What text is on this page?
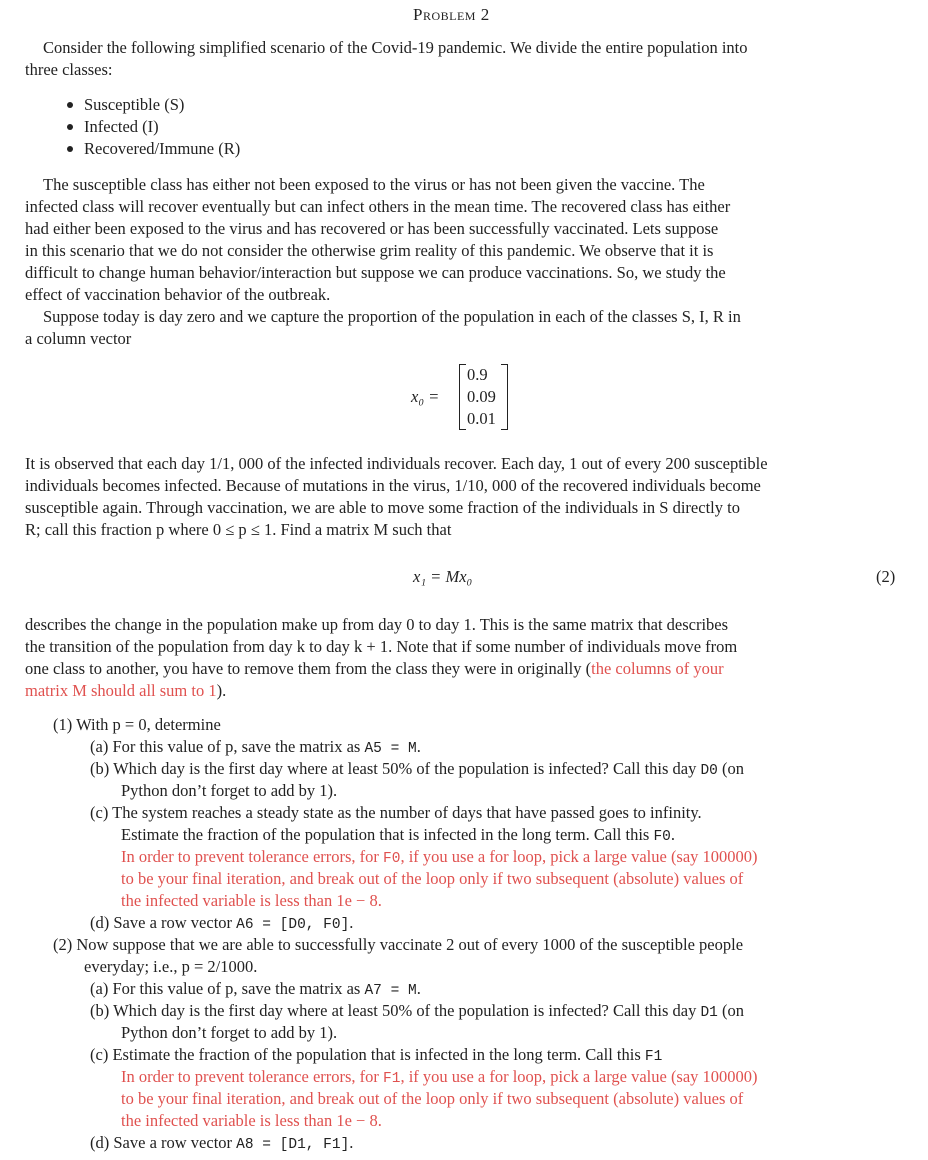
Problem 2
Consider the following simplified scenario of the Covid-19 pandemic. We divide the entire population into
three classes:
Susceptible (S)
Infected (I)
Recovered/Immune (R)
The susceptible class has either not been exposed to the virus or has not been given the vaccine. The
infected class will recover eventually but can infect others in the mean time. The recovered class has either
had either been exposed to the virus and has recovered or has been successfully vaccinated. Lets suppose
in this scenario that we do not consider the otherwise grim reality of this pandemic. We observe that it is
difficult to change human behavior/interaction but suppose we can produce vaccinations. So, we study the
effect of vaccination behavior of the outbreak.
Suppose today is day zero and we capture the proportion of the population in each of the classes S, I, R in
a column vector
x₀ =
0.9
0.09
0.01
It is observed that each day 1/1, 000 of the infected individuals recover. Each day, 1 out of every 200 susceptible
individuals becomes infected. Because of mutations in the virus, 1/10, 000 of the recovered individuals become
susceptible again. Through vaccination, we are able to move some fraction of the individuals in S directly to
R; call this fraction p where 0 ≤ p ≤ 1. Find a matrix M such that
x₁ = Mx₀	(2)
describes the change in the population make up from day 0 to day 1. This is the same matrix that describes
the transition of the population from day k to day k + 1. Note that if some number of individuals move from
one class to another, you have to remove them from the class they were in originally (the columns of your
matrix M should all sum to 1).
(1) With p = 0, determine
(a) For this value of p, save the matrix as A5 = M.
(b) Which day is the first day where at least 50% of the population is infected? Call this day D0 (on
Python don’t forget to add by 1).
(c) The system reaches a steady state as the number of days that have passed goes to infinity.
Estimate the fraction of the population that is infected in the long term. Call this F0.
In order to prevent tolerance errors, for F0, if you use a for loop, pick a large value (say 100000)
to be your final iteration, and break out of the loop only if two subsequent (absolute) values of
the infected variable is less than 1e − 8.
(d) Save a row vector A6 = [D0, F0].
(2) Now suppose that we are able to successfully vaccinate 2 out of every 1000 of the susceptible people
everyday; i.e., p = 2/1000.
(a) For this value of p, save the matrix as A7 = M.
(b) Which day is the first day where at least 50% of the population is infected? Call this day D1 (on
Python don’t forget to add by 1).
(c) Estimate the fraction of the population that is infected in the long term. Call this F1
In order to prevent tolerance errors, for F1, if you use a for loop, pick a large value (say 100000)
to be your final iteration, and break out of the loop only if two subsequent (absolute) values of
the infected variable is less than 1e − 8.
(d) Save a row vector A8 = [D1, F1].
